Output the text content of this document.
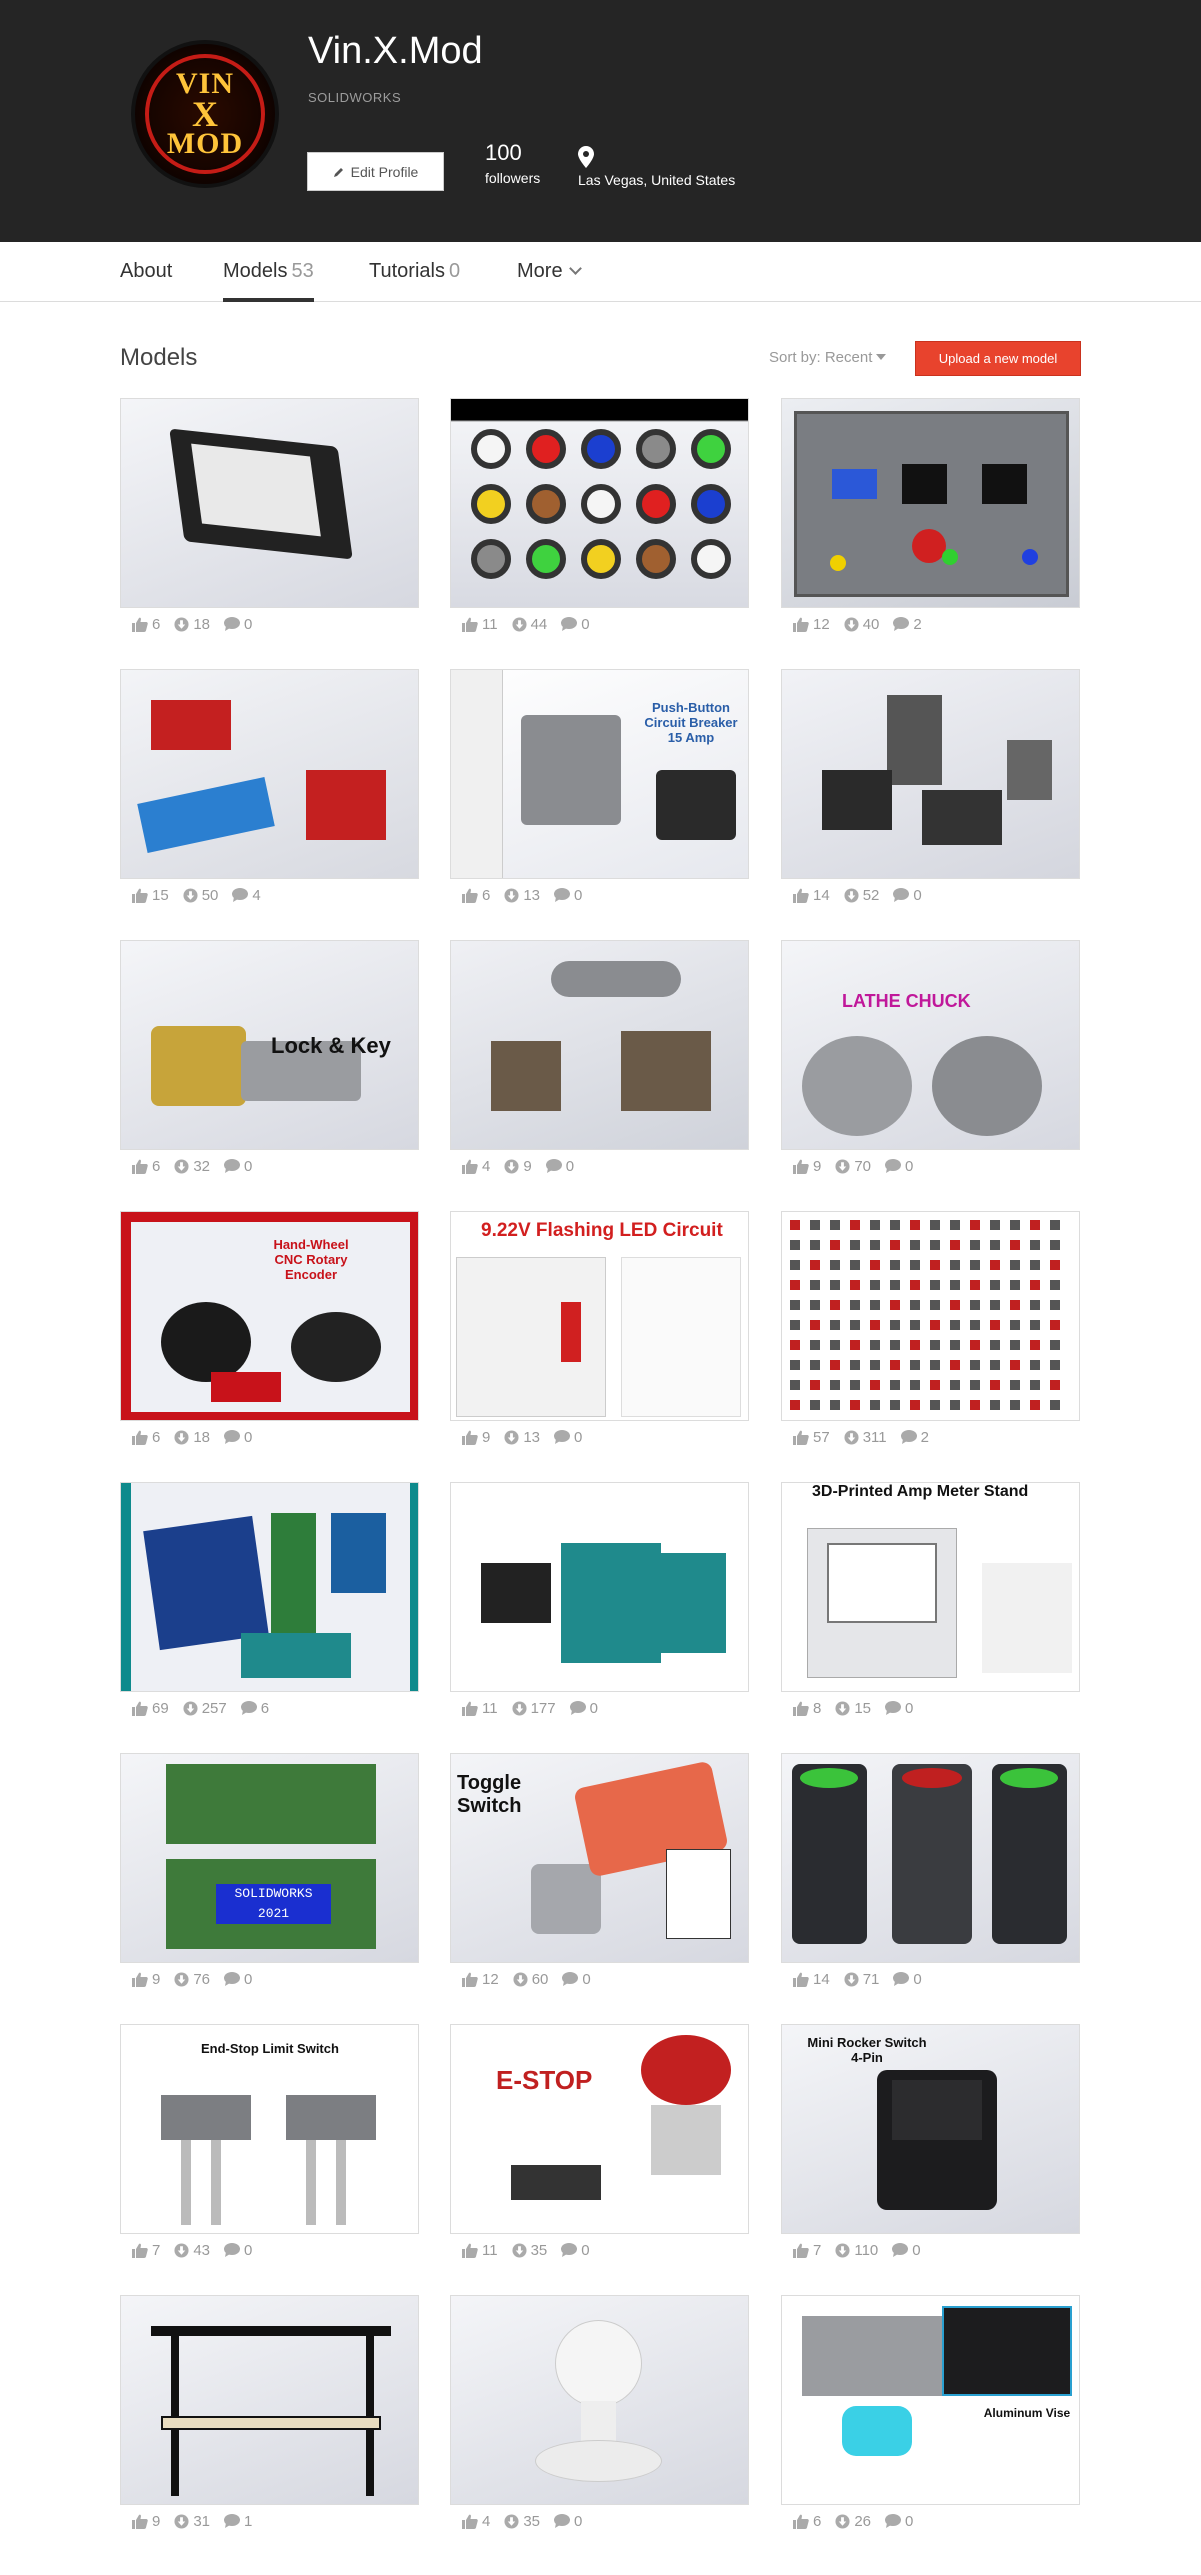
VIN
X
MOD
Vin.X.Mod
SOLIDWORKS
Edit Profile
100
followers	Las Vegas, United States
About	Models 53	Tutorials 0	More
Models	Sort by: Recent	Upload a new model
6 18 0	11 44 0	12 40 2
15 50 4
Push-Button Circuit Breaker 15 Amp
6 13 0	14 52 0
Lock & Key
6 32 0	4 9 0
LATHE CHUCK
9 70 0
Hand-Wheel CNC Rotary Encoder
6 18 0
9.22V Flashing LED Circuit
9 13 0	57 311 2
69 257 6	11 177 0
3D-Printed Amp Meter Stand
8 15 0
SOLIDWORKS 2021
9 76 0
Toggle Switch
12 60 0	14 71 0
End-Stop Limit Switch
7 43 0
E-STOP
11 35 0
Mini Rocker Switch 4-Pin
7 110 0
9 31 1	4 35 0
Aluminum Vise
6 26 0
